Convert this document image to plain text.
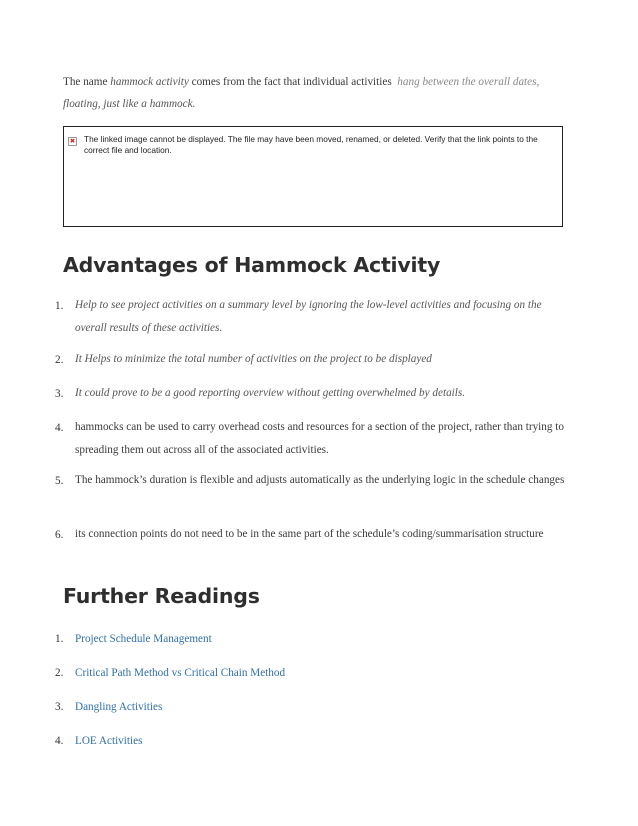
The name hammock activity comes from the fact that individual activities hang between the overall dates,

floating, just like a hammock.

✖
The linked image cannot be displayed. The file may have been moved, renamed, or deleted. Verify that the link points to the correct file and location.
Advantages of Hammock Activity
1. Help to see project activities on a summary level by ignoring the low-level activities and focusing on the overall results of these activities.

2. It Helps to minimize the total number of activities on the project to be displayed

3. It could prove to be a good reporting overview without getting overwhelmed by details.

4. hammocks can be used to carry overhead costs and resources for a section of the project, rather than trying to spreading them out across all of the associated activities.

5. The hammock’s duration is flexible and adjusts automatically as the underlying logic in the schedule changes

6. its connection points do not need to be in the same part of the schedule’s coding/summarisation structure

Further Readings
1. Project Schedule Management
2. Critical Path Method vs Critical Chain Method
3. Dangling Activities
4. LOE Activities
